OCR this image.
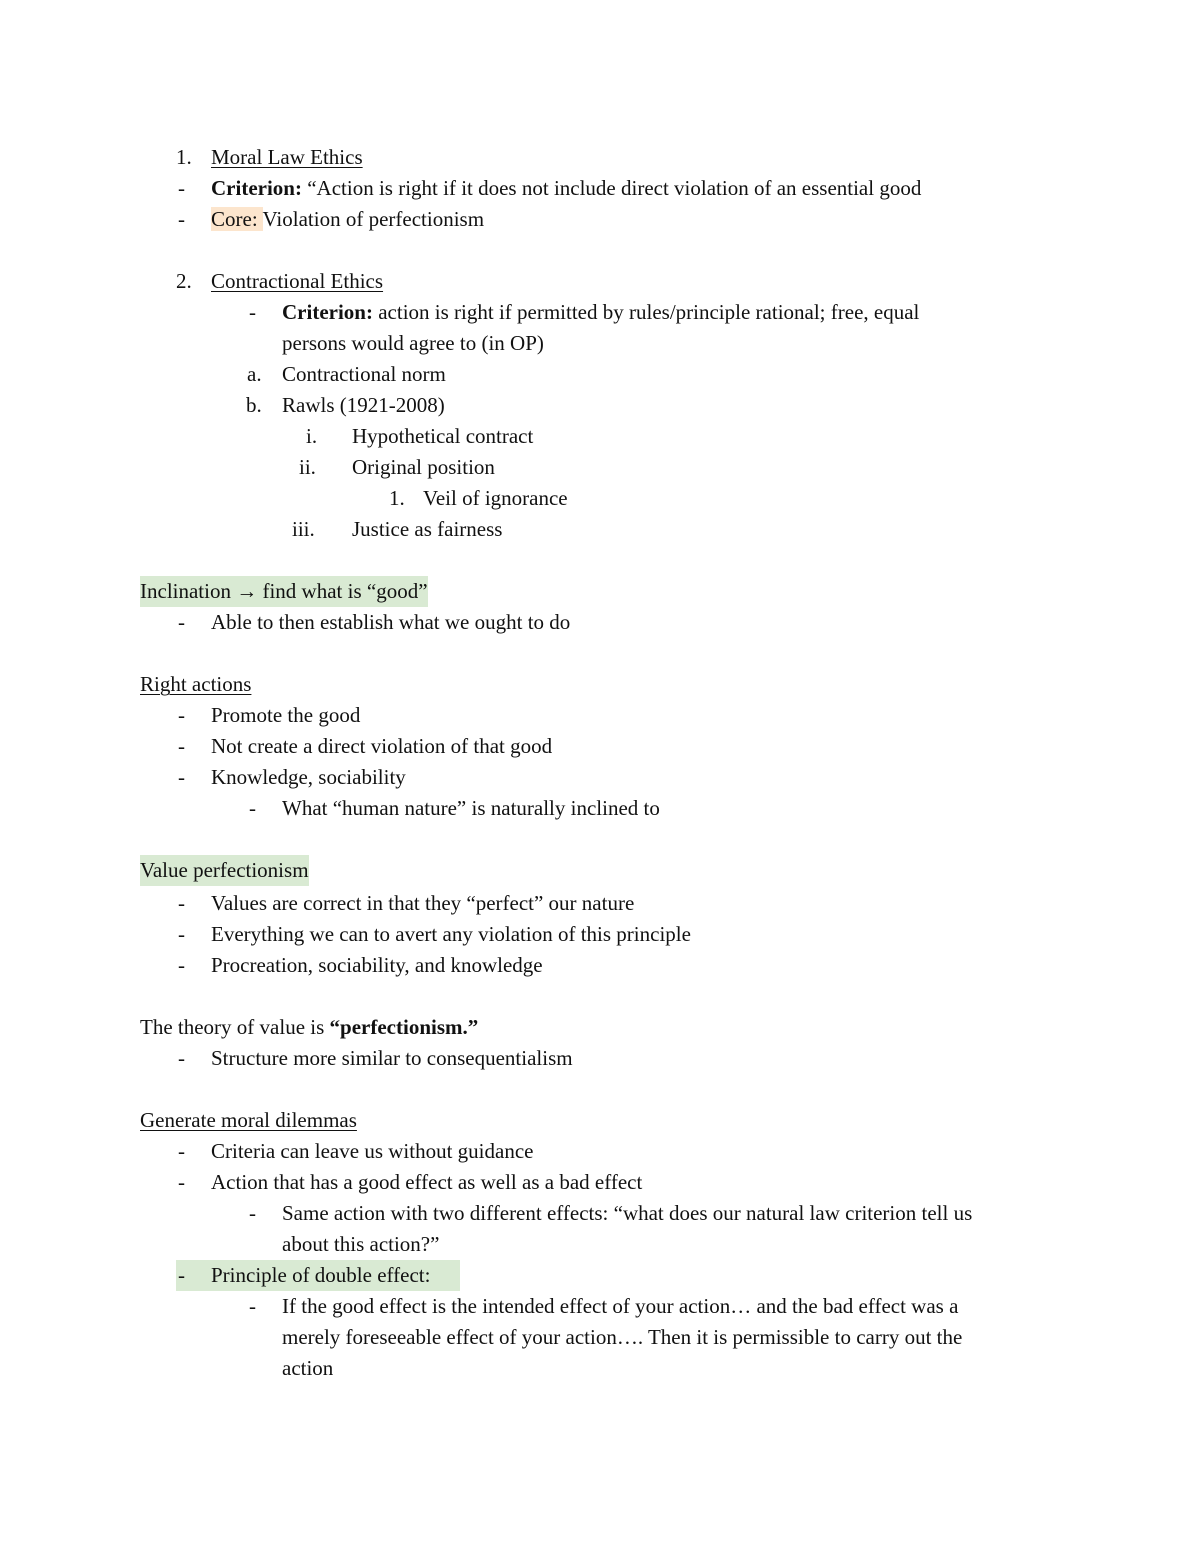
1. Moral Law Ethics
- Criterion: “Action is right if it does not include direct violation of an essential good
- Core: Violation of perfectionism
2. Contractional Ethics
- Criterion: action is right if permitted by rules/principle rational; free, equal
persons would agree to (in OP)
a. Contractional norm
b. Rawls (1921-2008)
i. Hypothetical contract
ii. Original position
1. Veil of ignorance
iii. Justice as fairness
Inclination → find what is “good”
- Able to then establish what we ought to do
Right actions
- Promote the good
- Not create a direct violation of that good
- Knowledge, sociability
- What “human nature” is naturally inclined to
Value perfectionism
- Values are correct in that they “perfect” our nature
- Everything we can to avert any violation of this principle
- Procreation, sociability, and knowledge
The theory of value is “perfectionism.”
- Structure more similar to consequentialism
Generate moral dilemmas
- Criteria can leave us without guidance
- Action that has a good effect as well as a bad effect
- Same action with two different effects: “what does our natural law criterion tell us
about this action?”
- Principle of double effect:
- If the good effect is the intended effect of your action… and the bad effect was a
merely foreseeable effect of your action…. Then it is permissible to carry out the
action
